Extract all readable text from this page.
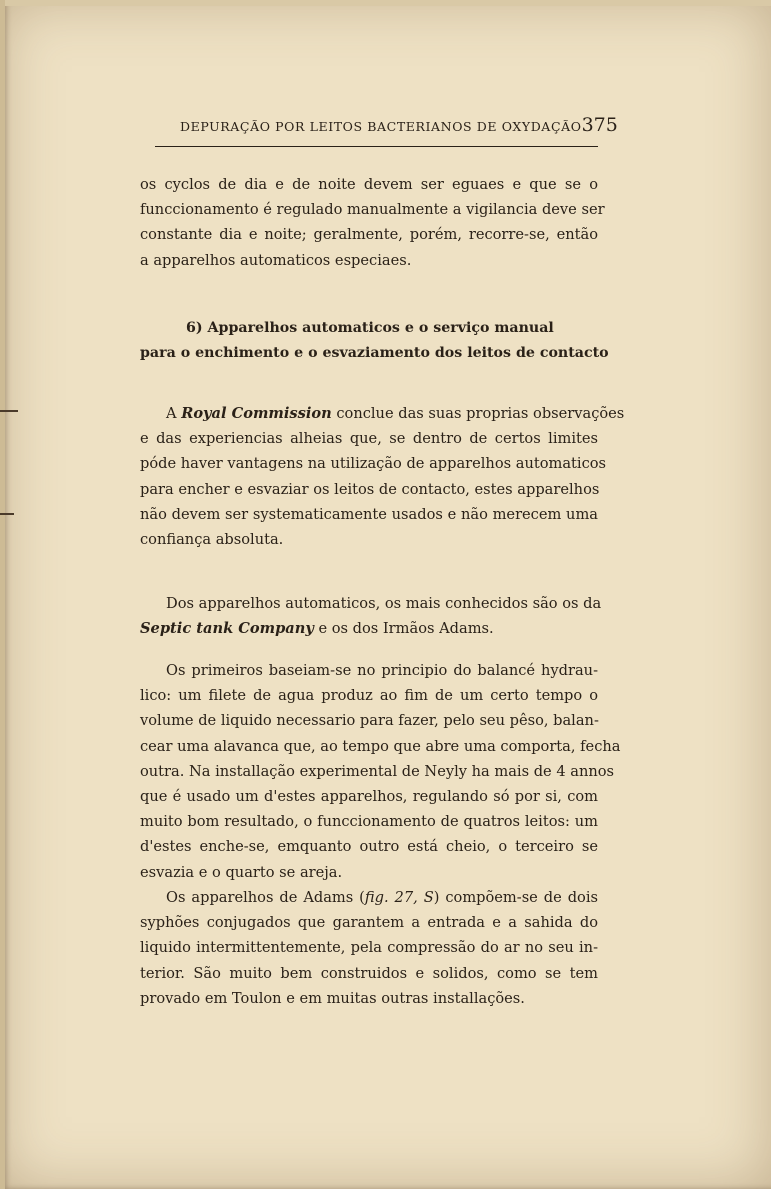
DEPURAÇÃO POR LEITOS BACTERIANOS DE OXYDAÇÃO 375
os cyclos de dia e de noite devem ser eguaes e que se o
funccionamento é regulado manualmente a vigilancia deve ser
constante dia e noite; geralmente, porém, recorre-se, então
a apparelhos automaticos especiaes.
6) Apparelhos automaticos e o serviço manual
para o enchimento e o esvaziamento dos leitos de contacto
A Royal Commission conclue das suas proprias observações
e das experiencias alheias que, se dentro de certos limites
póde haver vantagens na utilização de apparelhos automaticos
para encher e esvaziar os leitos de contacto, estes apparelhos
não devem ser systematicamente usados e não merecem uma
confiança absoluta.
Dos apparelhos automaticos, os mais conhecidos são os da
Septic tank Company e os dos Irmãos Adams.
Os primeiros baseiam-se no principio do balancé hydrau-
lico: um filete de agua produz ao fim de um certo tempo o
volume de liquido necessario para fazer, pelo seu pêso, balan-
cear uma alavanca que, ao tempo que abre uma comporta, fecha
outra. Na installação experimental de Neyly ha mais de 4 annos
que é usado um d'estes apparelhos, regulando só por si, com
muito bom resultado, o funccionamento de quatros leitos: um
d'estes enche-se, emquanto outro está cheio, o terceiro se
esvazia e o quarto se areja.
Os apparelhos de Adams (fig. 27, S) compõem-se de dois
syphões conjugados que garantem a entrada e a sahida do
liquido intermittentemente, pela compressão do ar no seu in-
terior. São muito bem construidos e solidos, como se tem
provado em Toulon e em muitas outras installações.
